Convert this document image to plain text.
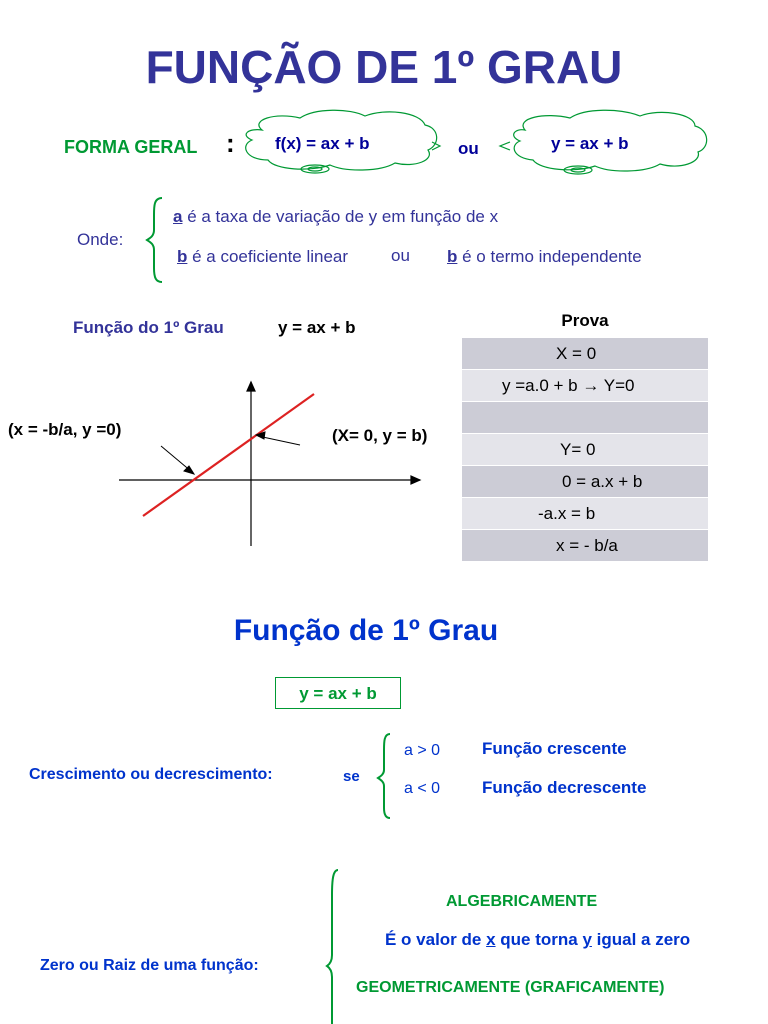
FUNÇÃO DE 1º GRAU
FORMA GERAL : f(x) = ax + b	ou	y = ax + b
Onde:
a é a taxa de variação de y em função de x
b é a coeficiente linear	ou b é o termo independente
Função do 1º Grau	y = ax + b
(x = -b/a, y =0)	(X= 0, y = b)
Prova
X = 0
y =a.0 + b → Y=0
Y= 0
0 = a.x + b
-a.x = b
x = - b/a
Função de 1º Grau
y = ax + b
Crescimento ou decrescimento:	se
a > 0 Função crescente
a < 0 Função decrescente
Zero ou Raiz de uma função:
ALGEBRICAMENTE
É o valor de x que torna y igual a zero
GEOMETRICAMENTE (GRAFICAMENTE)
